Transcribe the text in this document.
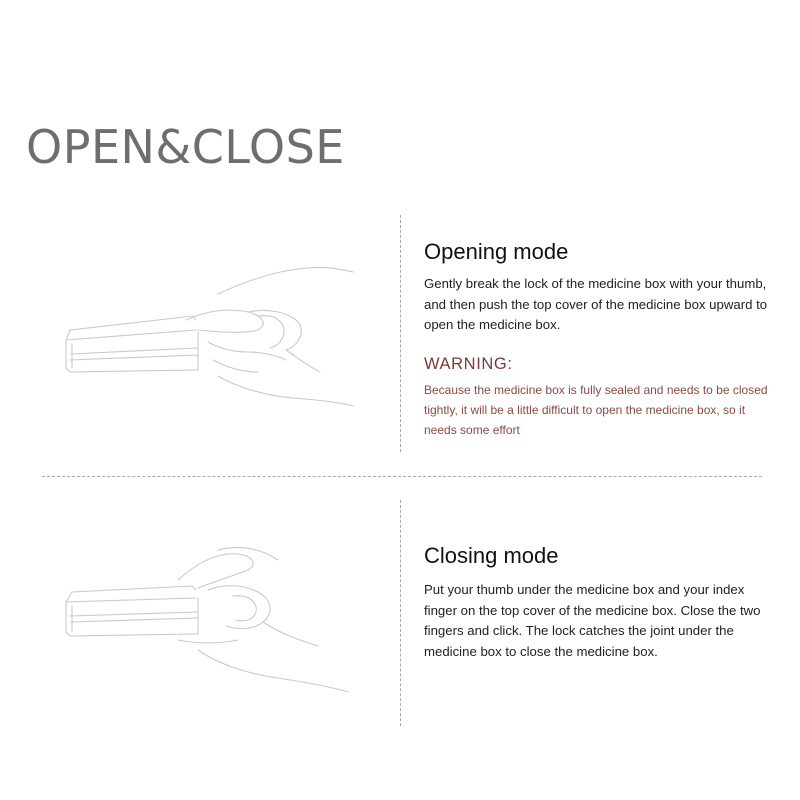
OPEN&CLOSE
Opening mode

Gently break the lock of the medicine box with your thumb, and then push the top cover of the medicine box upward to open the medicine box.

WARNING:

Because the medicine box is fully sealed and needs to be closed tightly, it will be a little difficult to open the medicine box, so it needs some effort

Closing mode

Put your thumb under the medicine box and your index finger on the top cover of the medicine box. Close the two fingers and click. The lock catches the joint under the medicine box to close the medicine box.
